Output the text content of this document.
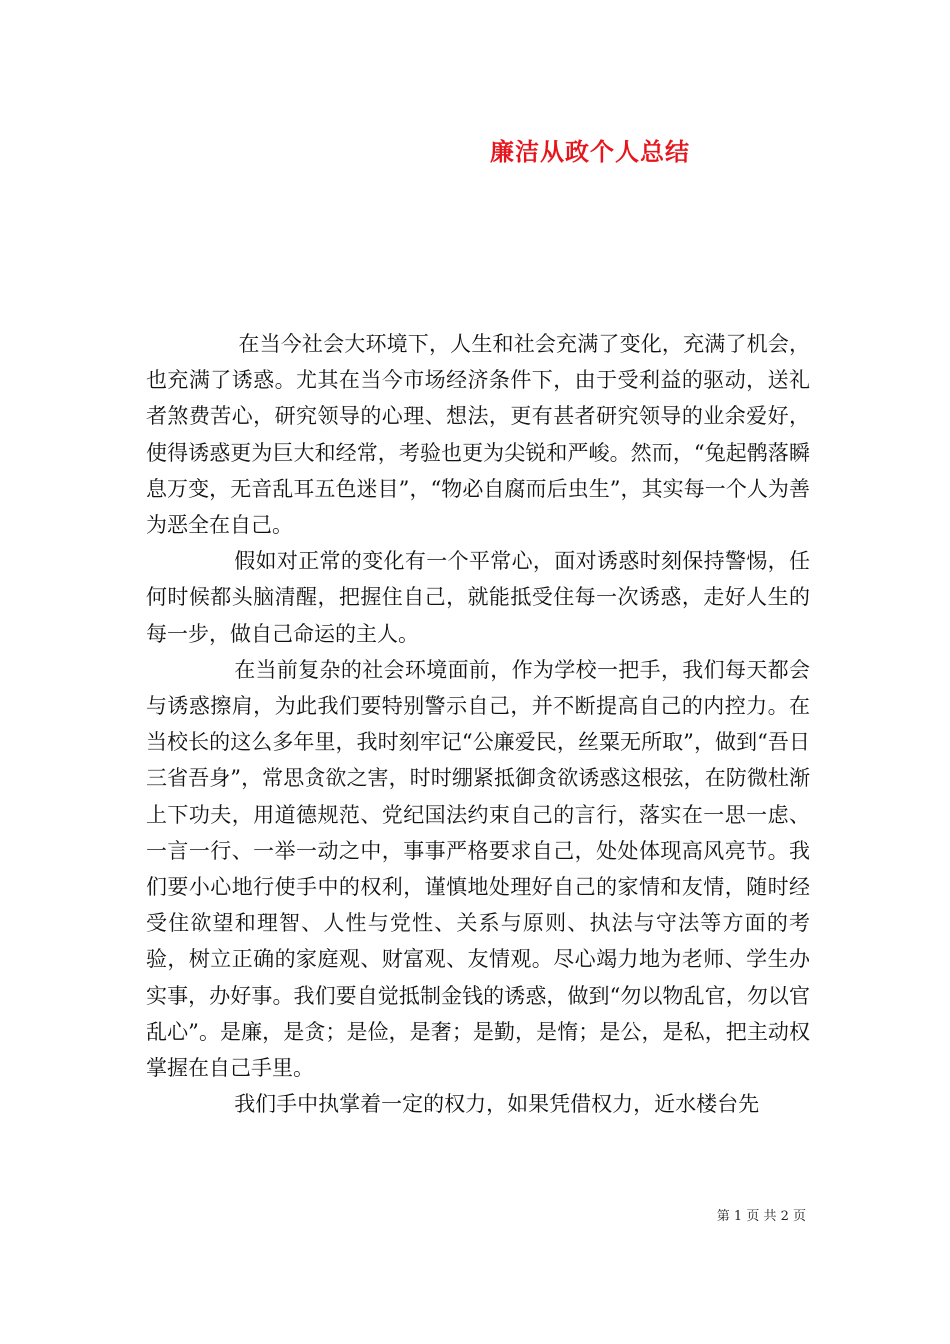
廉洁从政个人总结

在当今社会大环境下，人生和社会充满了变化，充满了机会，也充满了诱惑。尤其在当今市场经济条件下，由于受利益的驱动，送礼者煞费苦心，研究领导的心理、想法，更有甚者研究领导的业余爱好，使得诱惑更为巨大和经常，考验也更为尖锐和严峻。然而，“兔起鹘落瞬息万变，无音乱耳五色迷目”，“物必自腐而后虫生”，其实每一个人为善为恶全在自己。

假如对正常的变化有一个平常心，面对诱惑时刻保持警惕，任何时候都头脑清醒，把握住自己，就能抵受住每一次诱惑，走好人生的每一步，做自己命运的主人。

在当前复杂的社会环境面前，作为学校一把手，我们每天都会与诱惑擦肩，为此我们要特别警示自己，并不断提高自己的内控力。在当校长的这么多年里，我时刻牢记“公廉爱民，丝粟无所取”，做到“吾日三省吾身”，常思贪欲之害，时时绷紧抵御贪欲诱惑这根弦，在防微杜渐上下功夫，用道德规范、党纪国法约束自己的言行，落实在一思一虑、一言一行、一举一动之中，事事严格要求自己，处处体现高风亮节。我们要小心地行使手中的权利，谨慎地处理好自己的家情和友情，随时经受住欲望和理智、人性与党性、关系与原则、执法与守法等方面的考验，树立正确的家庭观、财富观、友情观。尽心竭力地为老师、学生办实事，办好事。我们要自觉抵制金钱的诱惑，做到“勿以物乱官，勿以官乱心”。是廉，是贪；是俭，是奢；是勤，是惰；是公，是私，把主动权掌握在自己手里。

我们手中执掌着一定的权力，如果凭借权力，近水楼台先

第 1 页 共 2 页
